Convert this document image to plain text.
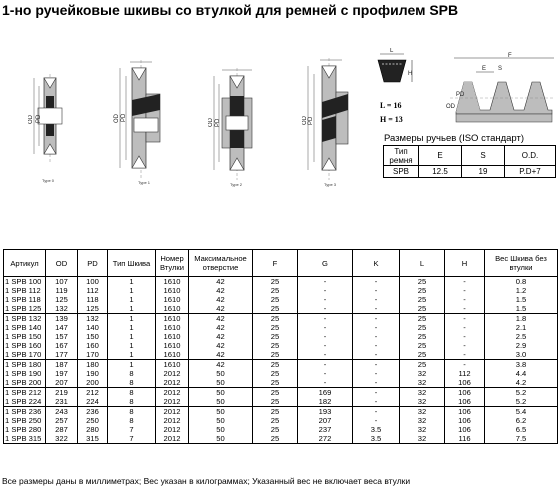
1-но ручейковые шкивы со втулкой для ремней с профилем SPB
OD PD
Type 0
OD PD
Type 1
OD PD
Type 2
OD PD
Type 3
L
H
L = 16
H = 13
F
E S
PD
OD
Размеры ручьев (ISO стандарт)
Тип ремня	E	S	O.D.
SPB	12.5	19	P.D+7
Артикул	OD	PD	Тип Шкива	Номер Втулки	Максимальное отверстие	F	G	K	L	H	Вес Шкива без втулки
1 SPB 100	107	100	1	1610	42	25	-	-	25	-	0.8
1 SPB 112	119	112	1	1610	42	25	-	-	25	-	1.2
1 SPB 118	125	118	1	1610	42	25	-	-	25	-	1.5
1 SPB 125	132	125	1	1610	42	25	-	-	25	-	1.5
1 SPB 132	139	132	1	1610	42	25	-	-	25	-	1.8
1 SPB 140	147	140	1	1610	42	25	-	-	25	-	2.1
1 SPB 150	157	150	1	1610	42	25	-	-	25	-	2.5
1 SPB 160	167	160	1	1610	42	25	-	-	25	-	2.9
1 SPB 170	177	170	1	1610	42	25	-	-	25	-	3.0
1 SPB 180	187	180	1	1610	42	25	-	-	25	-	3.8
1 SPB 190	197	190	8	2012	50	25	-	-	32	112	4.4
1 SPB 200	207	200	8	2012	50	25	-	-	32	106	4.2
1 SPB 212	219	212	8	2012	50	25	169	-	32	106	5.2
1 SPB 224	231	224	8	2012	50	25	182	-	32	106	5.2
1 SPB 236	243	236	8	2012	50	25	193	-	32	106	5.4
1 SPB 250	257	250	8	2012	50	25	207	-	32	106	6.2
1 SPB 280	287	280	7	2012	50	25	237	3.5	32	106	6.5
1 SPB 315	322	315	7	2012	50	25	272	3.5	32	116	7.5
Все размеры даны в миллиметрах; Вес указан в килограммах; Указанный вес не включает веса втулки
